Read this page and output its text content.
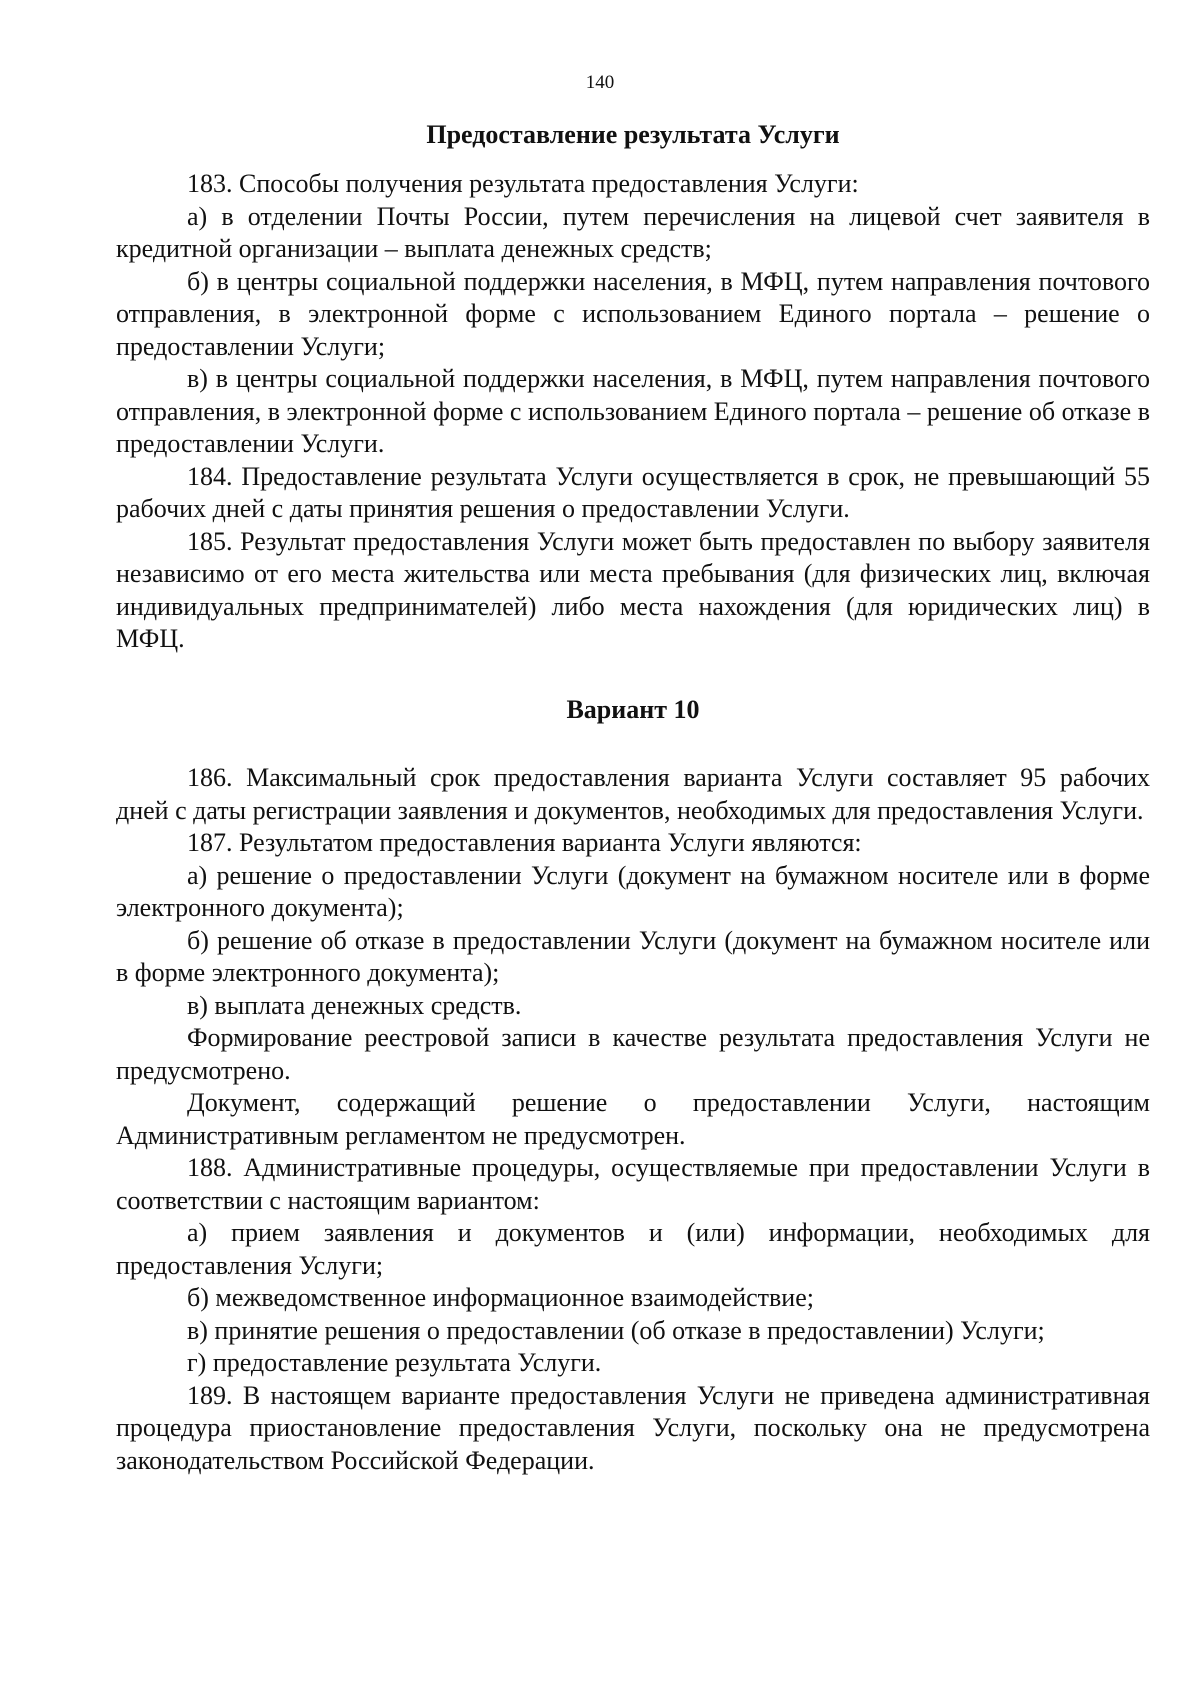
140
Предоставление результата Услуги

183. Способы получения результата предоставления Услуги:

а) в отделении Почты России, путем перечисления на лицевой счет заявителя в кредитной организации – выплата денежных средств;

б) в центры социальной поддержки населения, в МФЦ, путем направления почтового отправления, в электронной форме с использованием Единого портала – решение о предоставлении Услуги;

в) в центры социальной поддержки населения, в МФЦ, путем направления почтового отправления, в электронной форме с использованием Единого портала – решение об отказе в предоставлении Услуги.

184. Предоставление результата Услуги осуществляется в срок, не превышающий 55 рабочих дней с даты принятия решения о предоставлении Услуги.

185. Результат предоставления Услуги может быть предоставлен по выбору заявителя независимо от его места жительства или места пребывания (для физических лиц, включая индивидуальных предпринимателей) либо места нахождения (для юридических лиц) в МФЦ.

Вариант 10

186. Максимальный срок предоставления варианта Услуги составляет 95 рабочих дней с даты регистрации заявления и документов, необходимых для предоставления Услуги.

187. Результатом предоставления варианта Услуги являются:

а) решение о предоставлении Услуги (документ на бумажном носителе или в форме электронного документа);

б) решение об отказе в предоставлении Услуги (документ на бумажном носителе или в форме электронного документа);

в) выплата денежных средств.

Формирование реестровой записи в качестве результата предоставления Услуги не предусмотрено.

Документ, содержащий решение о предоставлении Услуги, настоящим Административным регламентом не предусмотрен.

188. Административные процедуры, осуществляемые при предоставлении Услуги в соответствии с настоящим вариантом:

а) прием заявления и документов и (или) информации, необходимых для предоставления Услуги;

б) межведомственное информационное взаимодействие;

в) принятие решения о предоставлении (об отказе в предоставлении) Услуги;

г) предоставление результата Услуги.

189. В настоящем варианте предоставления Услуги не приведена административная процедура приостановление предоставления Услуги, поскольку она не предусмотрена законодательством Российской Федерации.
